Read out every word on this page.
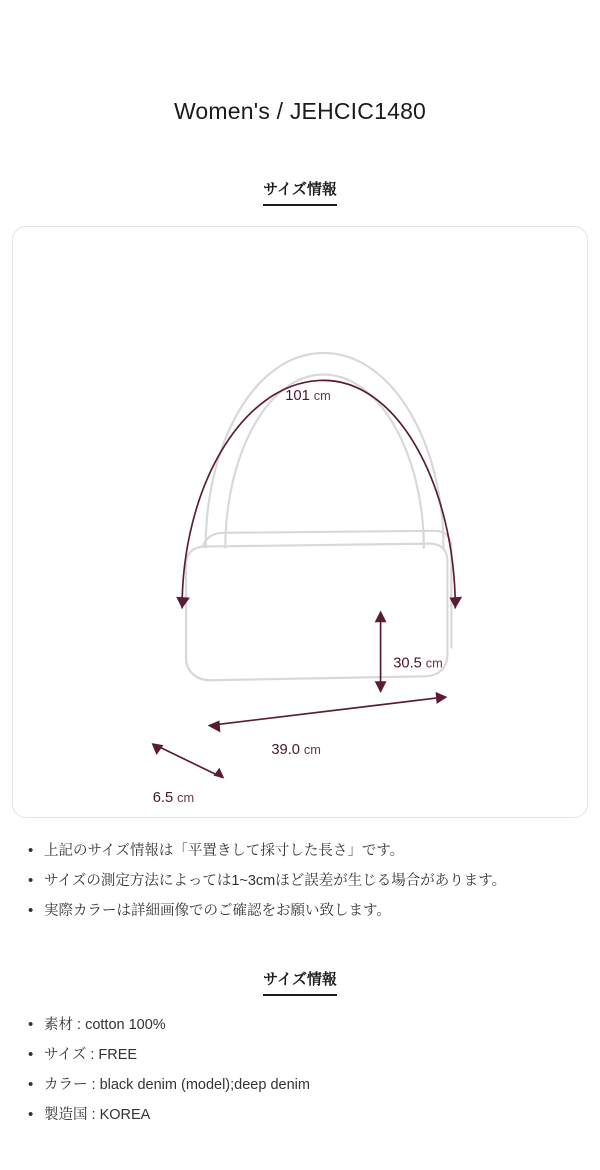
Women's / JEHCIC1480
サイズ情報
101 cm
30.5 cm
39.0 cm
6.5 cm
• 上記のサイズ情報は「平置きして採寸した長さ」です。
• サイズの測定方法によっては1~3cmほど誤差が生じる場合があります。
• 実際カラーは詳細画像でのご確認をお願い致します。
サイズ情報
• 素材 : cotton 100%
• サイズ : FREE
• カラー : black denim (model);deep denim
• 製造国 : KOREA
